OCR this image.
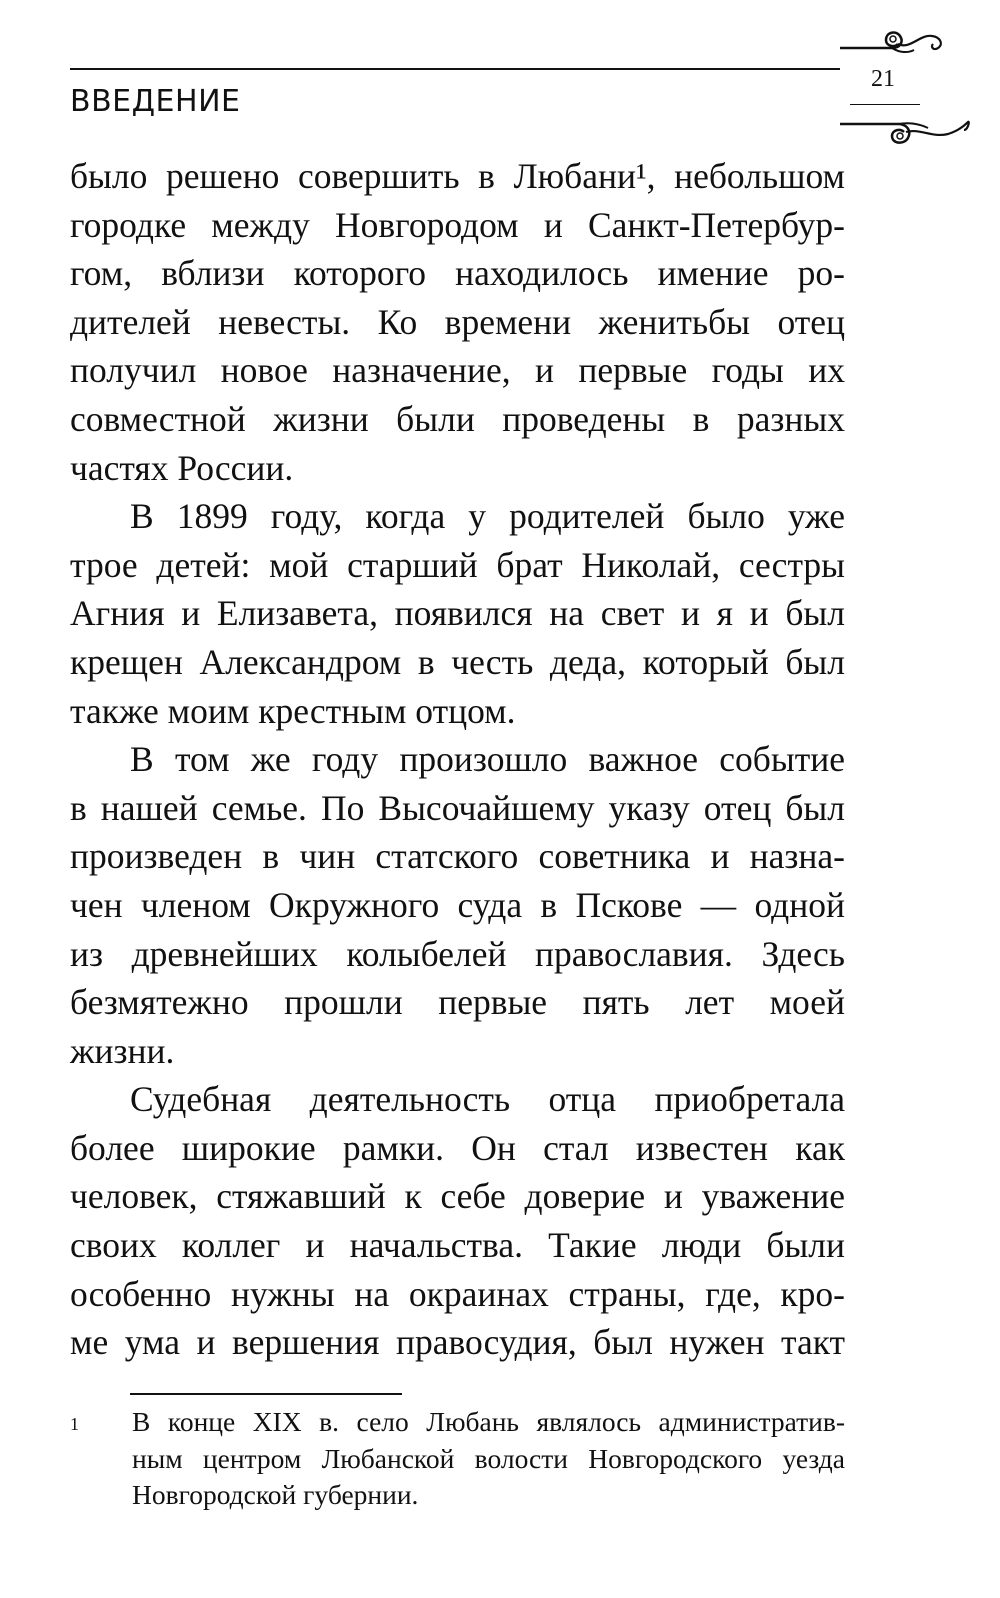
ВВЕДЕНИЕ
21

было решено совершить в Любани¹, небольшом
городке между Новгородом и Санкт-Петербур-
гом, вблизи которого находилось имение ро-
дителей невесты. Ко времени женитьбы отец
получил новое назначение, и первые годы их
совместной жизни были проведены в разных
частях России.

В 1899 году, когда у родителей было уже
трое детей: мой старший брат Николай, сестры
Агния и Елизавета, появился на свет и я и был
крещен Александром в честь деда, который был
также моим крестным отцом.

В том же году произошло важное событие
в нашей семье. По Высочайшему указу отец был
произведен в чин статского советника и назна-
чен членом Окружного суда в Пскове — одной
из древнейших колыбелей православия. Здесь
безмятежно прошли первые пять лет моей
жизни.

Судебная деятельность отца приобретала
более широкие рамки. Он стал известен как
человек, стяжавший к себе доверие и уважение
своих коллег и начальства. Такие люди были
особенно нужны на окраинах страны, где, кро-
ме ума и вершения правосудия, был нужен такт

1 В конце XIX в. село Любань являлось административ-
ным центром Любанской волости Новгородского уезда
Новгородской губернии.
